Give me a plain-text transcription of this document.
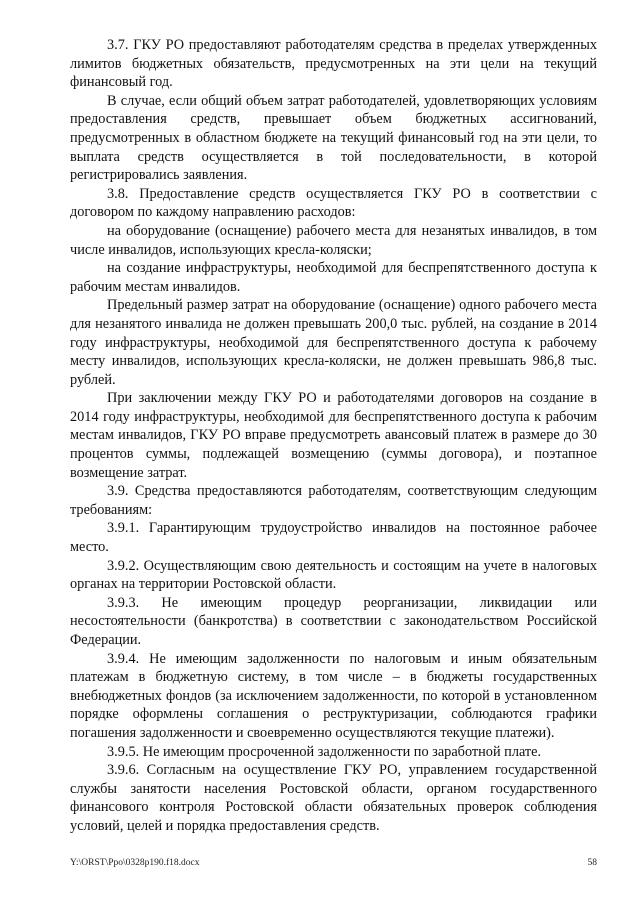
3.7. ГКУ РО предоставляют работодателям средства в пределах утвержденных лимитов бюджетных обязательств, предусмотренных на эти цели на текущий финансовый год.

В случае, если общий объем затрат работодателей, удовлетворяющих условиям предоставления средств, превышает объем бюджетных ассигнований, предусмотренных в областном бюджете на текущий финансовый год на эти цели, то выплата средств осуществляется в той последовательности, в которой регистрировались заявления.

3.8. Предоставление средств осуществляется ГКУ РО в соответствии с договором по каждому направлению расходов:

на оборудование (оснащение) рабочего места для незанятых инвалидов, в том числе инвалидов, использующих кресла-коляски;

на создание инфраструктуры, необходимой для беспрепятственного доступа к рабочим местам инвалидов.

Предельный размер затрат на оборудование (оснащение) одного рабочего места для незанятого инвалида не должен превышать 200,0 тыс. рублей, на создание в 2014 году инфраструктуры, необходимой для беспрепятственного доступа к рабочему месту инвалидов, использующих кресла-коляски, не должен превышать 986,8 тыс. рублей.

При заключении между ГКУ РО и работодателями договоров на создание в 2014 году инфраструктуры, необходимой для беспрепятственного доступа к рабочим местам инвалидов, ГКУ РО вправе предусмотреть авансовый платеж в размере до 30 процентов суммы, подлежащей возмещению (суммы договора), и поэтапное возмещение затрат.

3.9. Средства предоставляются работодателям, соответствующим следующим требованиям:

3.9.1. Гарантирующим трудоустройство инвалидов на постоянное рабочее место.

3.9.2. Осуществляющим свою деятельность и состоящим на учете в налоговых органах на территории Ростовской области.

3.9.3. Не имеющим процедур реорганизации, ликвидации или несостоятельности (банкротства) в соответствии с законодательством Российской Федерации.

3.9.4. Не имеющим задолженности по налоговым и иным обязательным платежам в бюджетную систему, в том числе – в бюджеты государственных внебюджетных фондов (за исключением задолженности, по которой в установленном порядке оформлены соглашения о реструктуризации, соблюдаются графики погашения задолженности и своевременно осуществляются текущие платежи).

3.9.5. Не имеющим просроченной задолженности по заработной плате.

3.9.6. Согласным на осуществление ГКУ РО, управлением государственной службы занятости населения Ростовской области, органом государственного финансового контроля Ростовской области обязательных проверок соблюдения условий, целей и порядка предоставления средств.

Y:\ORST\Ppo\0328p190.f18.docx	58
